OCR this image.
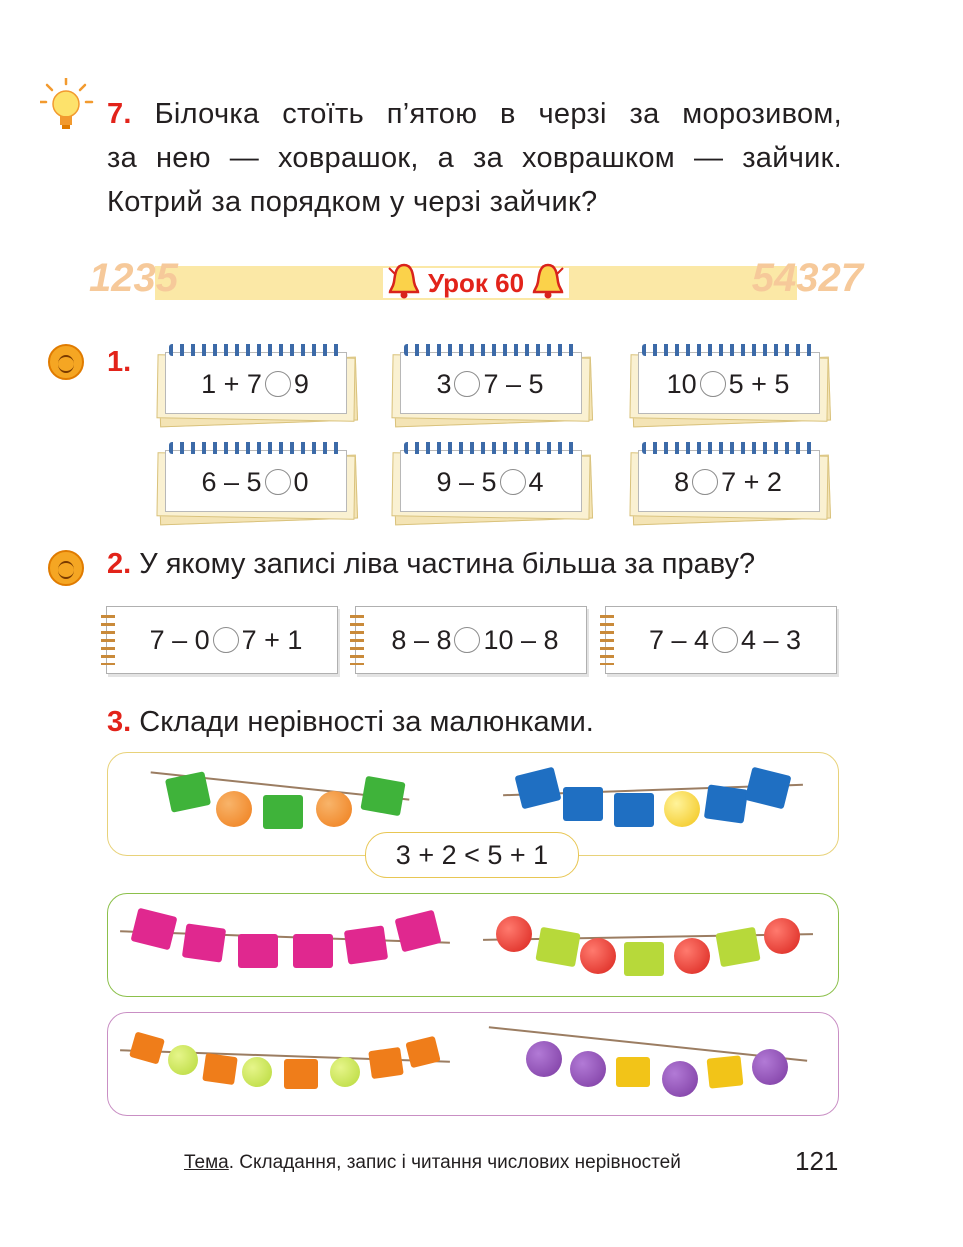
7. Білочка стоїть п’ятою в черзі за морозивом,
за нею — ховрашок, а за ховрашком — зайчик.
Котрий за порядком у черзі зайчик?
1235	54327
Урок 60
1.
1 + 7 9	3 7 – 5	10 5 + 5
6 – 5 0	9 – 5 4	8 7 + 2
2. У якому записі ліва частина більша за праву?
7 – 0 7 + 1	8 – 8 10 – 8	7 – 4 4 – 3
3. Склади нерівності за малюнками.
3 + 2 < 5 + 1
Тема. Складання, запис і читання числових нерівностей	121
